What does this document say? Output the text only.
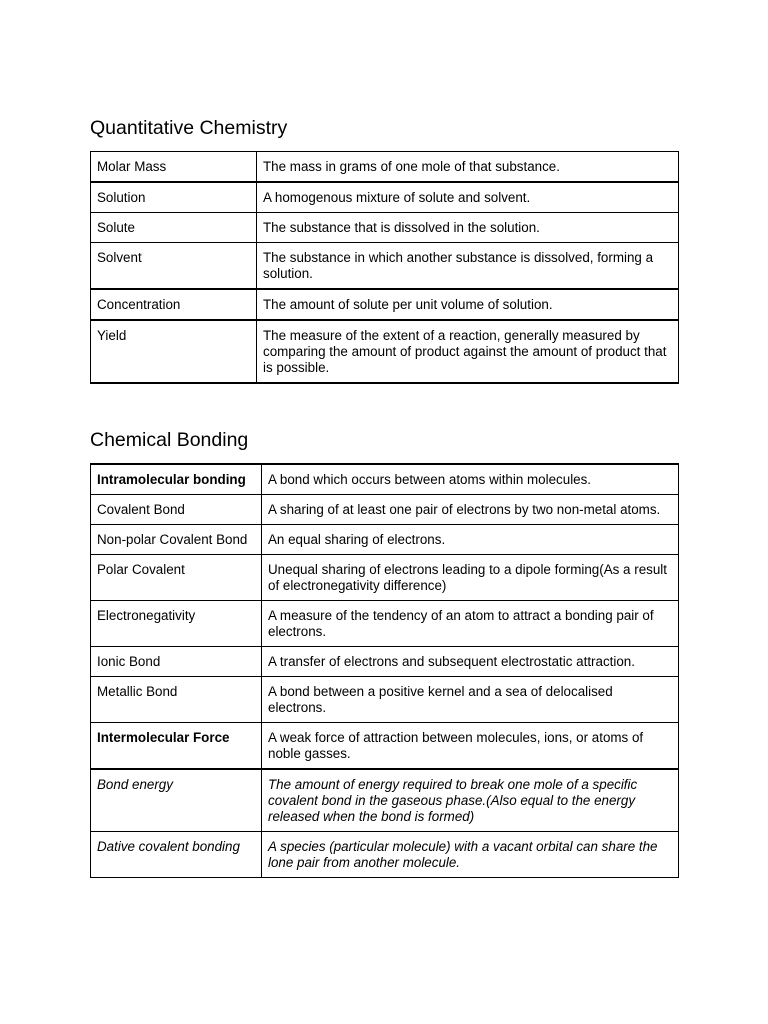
Quantitative Chemistry
Molar Mass	The mass in grams of one mole of that substance.
Solution	A homogenous mixture of solute and solvent.
Solute	The substance that is dissolved in the solution.
Solvent	The substance in which another substance is dissolved, forming a solution.
Concentration	The amount of solute per unit volume of solution.
Yield	The measure of the extent of a reaction, generally measured by comparing the amount of product against the amount of product that is possible.
Chemical Bonding
Intramolecular bonding	A bond which occurs between atoms within molecules.
Covalent Bond	A sharing of at least one pair of electrons by two non-metal atoms.
Non-polar Covalent Bond	An equal sharing of electrons.
Polar Covalent	Unequal sharing of electrons leading to a dipole forming(As a result of electronegativity difference)
Electronegativity	A measure of the tendency of an atom to attract a bonding pair of electrons.
Ionic Bond	A transfer of electrons and subsequent electrostatic attraction.
Metallic Bond	A bond between a positive kernel and a sea of delocalised electrons.
Intermolecular Force	A weak force of attraction between molecules, ions, or atoms of noble gasses.
Bond energy	The amount of energy required to break one mole of a specific covalent bond in the gaseous phase.(Also equal to the energy released when the bond is formed)
Dative covalent bonding	A species (particular molecule) with a vacant orbital can share the lone pair from another molecule.
